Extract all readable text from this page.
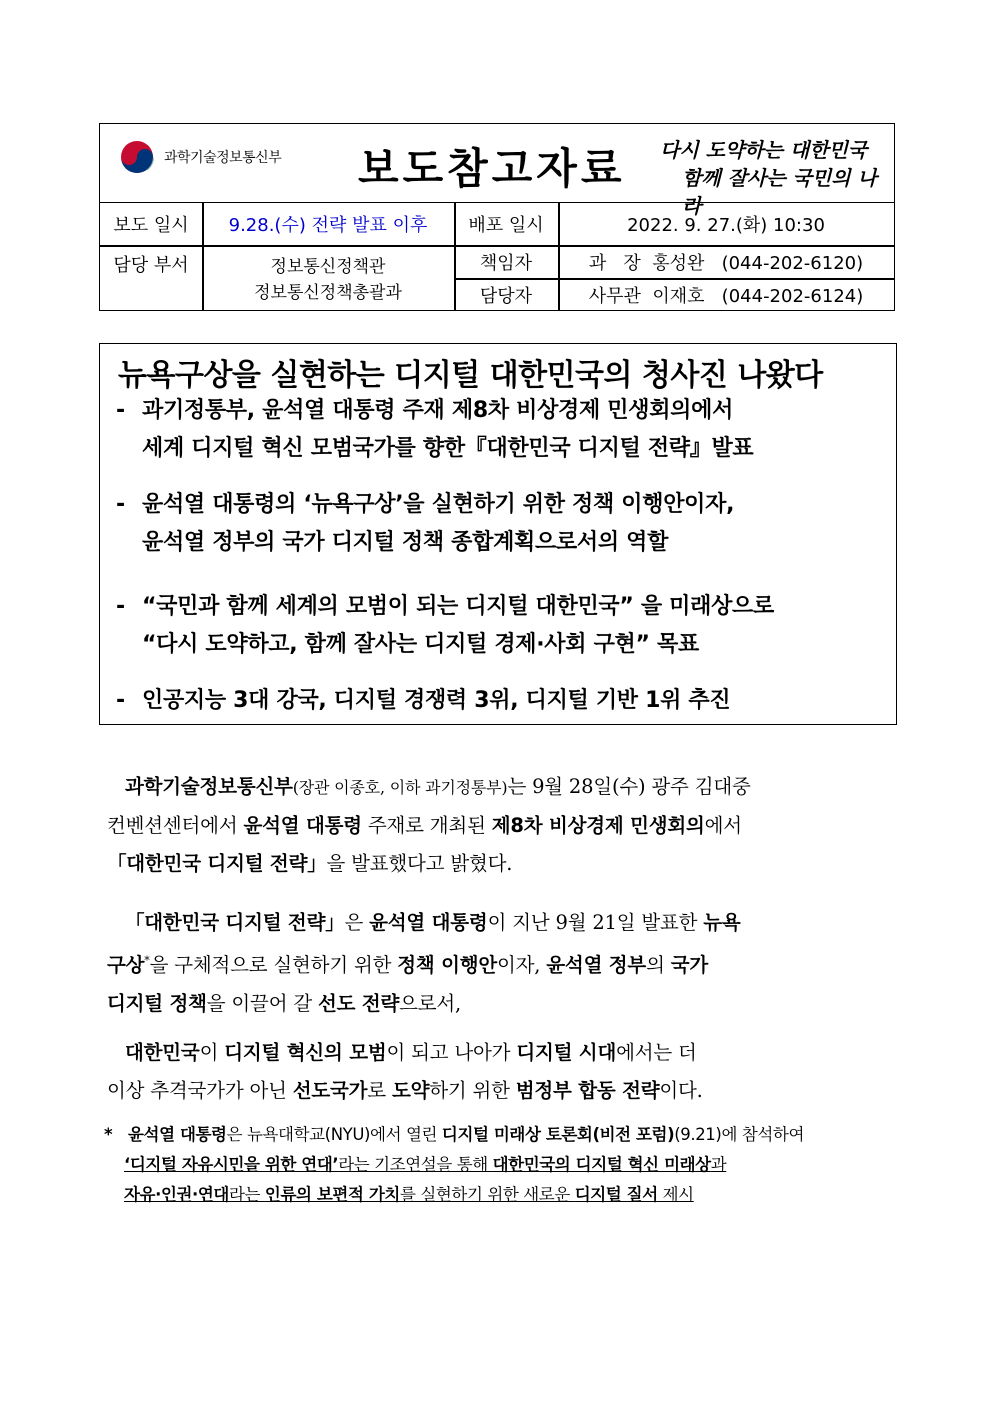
과학기술정보통신부 보도참고자료 다시 도약하는 대한민국
함께 잘사는 국민의 나라
보도 일시	9.28.(수) 전략 발표 이후	배포 일시	2022. 9. 27.(화) 10:30
담당 부서	정보통신정책관
정보통신정책총괄과
책임자	과   장  홍성완   (044-202-6120)
담당자	사무관  이재호   (044-202-6124)
뉴욕구상을 실현하는 디지털 대한민국의 청사진 나왔다
- 과기정통부, 윤석열 대통령 주재 제8차 비상경제 민생회의에서
세계 디지털 혁신 모범국가를 향한『대한민국 디지털 전략』발표
- 윤석열 대통령의 ‘뉴욕구상’을 실현하기 위한 정책 이행안이자,
윤석열 정부의 국가 디지털 정책 종합계획으로서의 역할
- “국민과 함께 세계의 모범이 되는 디지털 대한민국” 을 미래상으로
“다시 도약하고, 함께 잘사는 디지털 경제·사회 구현” 목표
- 인공지능 3대 강국, 디지털 경쟁력 3위, 디지털 기반 1위 추진
과학기술정보통신부(장관 이종호, 이하 과기정통부)는 9월 28일(수) 광주 김대중
컨벤션센터에서 윤석열 대통령 주재로 개최된 제8차 비상경제 민생회의에서
「대한민국 디지털 전략」을 발표했다고 밝혔다.
「대한민국 디지털 전략」은 윤석열 대통령이 지난 9월 21일 발표한 뉴욕
구상*을 구체적으로 실현하기 위한 정책 이행안이자, 윤석열 정부의 국가
디지털 정책을 이끌어 갈 선도 전략으로서,
대한민국이 디지털 혁신의 모범이 되고 나아가 디지털 시대에서는 더
이상 추격국가가 아닌 선도국가로 도약하기 위한 범정부 합동 전략이다.
* 윤석열 대통령은 뉴욕대학교(NYU)에서 열린 디지털 미래상 토론회(비전 포럼)(9.21)에 참석하여
‘디지털 자유시민을 위한 연대’라는 기조연설을 통해 대한민국의 디지털 혁신 미래상과
자유·인권·연대라는 인류의 보편적 가치를 실현하기 위한 새로운 디지털 질서 제시
